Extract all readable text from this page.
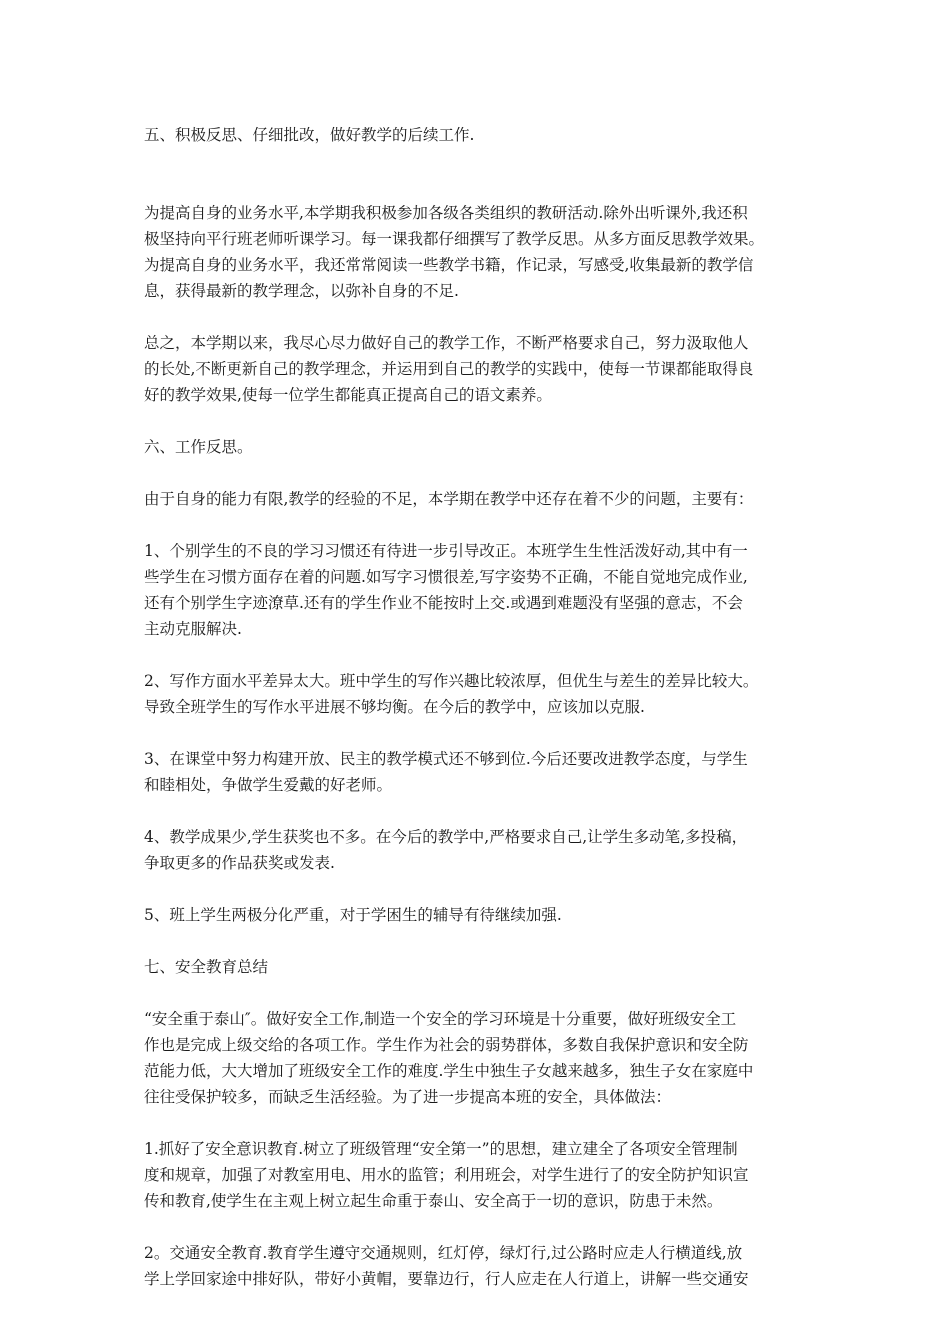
五、积极反思、仔细批改，做好教学的后续工作.

为提高自身的业务水平,本学期我积极参加各级各类组织的教研活动.除外出听课外,我还积
极坚持向平行班老师听课学习。每一课我都仔细撰写了教学反思。从多方面反思教学效果。
为提高自身的业务水平，我还常常阅读一些教学书籍，作记录，写感受,收集最新的教学信
息，获得最新的教学理念，以弥补自身的不足.

总之，本学期以来，我尽心尽力做好自己的教学工作，不断严格要求自己，努力汲取他人
的长处,不断更新自己的教学理念，并运用到自己的教学的实践中，使每一节课都能取得良
好的教学效果,使每一位学生都能真正提高自己的语文素养。

六、工作反思。

由于自身的能力有限,教学的经验的不足，本学期在教学中还存在着不少的问题，主要有：

1、个别学生的不良的学习习惯还有待进一步引导改正。本班学生生性活泼好动,其中有一
些学生在习惯方面存在着的问题.如写字习惯很差,写字姿势不正确，不能自觉地完成作业,
还有个别学生字迹潦草.还有的学生作业不能按时上交.或遇到难题没有坚强的意志，不会
主动克服解决.

2、写作方面水平差异太大。班中学生的写作兴趣比较浓厚，但优生与差生的差异比较大。
导致全班学生的写作水平进展不够均衡。在今后的教学中，应该加以克服.

3、在课堂中努力构建开放、民主的教学模式还不够到位.今后还要改进教学态度，与学生
和睦相处，争做学生爱戴的好老师。

4、教学成果少,学生获奖也不多。在今后的教学中,严格要求自己,让学生多动笔,多投稿，
争取更多的作品获奖或发表.

5、班上学生两极分化严重，对于学困生的辅导有待继续加强.

七、安全教育总结

“安全重于泰山″。做好安全工作,制造一个安全的学习环境是十分重要，做好班级安全工
作也是完成上级交给的各项工作。学生作为社会的弱势群体，多数自我保护意识和安全防
范能力低，大大增加了班级安全工作的难度.学生中独生子女越来越多，独生子女在家庭中
往往受保护较多，而缺乏生活经验。为了进一步提高本班的安全，具体做法：

1.抓好了安全意识教育.树立了班级管理“安全第一”的思想，建立建全了各项安全管理制
度和规章，加强了对教室用电、用水的监管；利用班会，对学生进行了的安全防护知识宣
传和教育,使学生在主观上树立起生命重于泰山、安全高于一切的意识，防患于未然。

2。交通安全教育.教育学生遵守交通规则，红灯停，绿灯行,过公路时应走人行横道线,放
学上学回家途中排好队，带好小黄帽，要靠边行，行人应走在人行道上，讲解一些交通安
